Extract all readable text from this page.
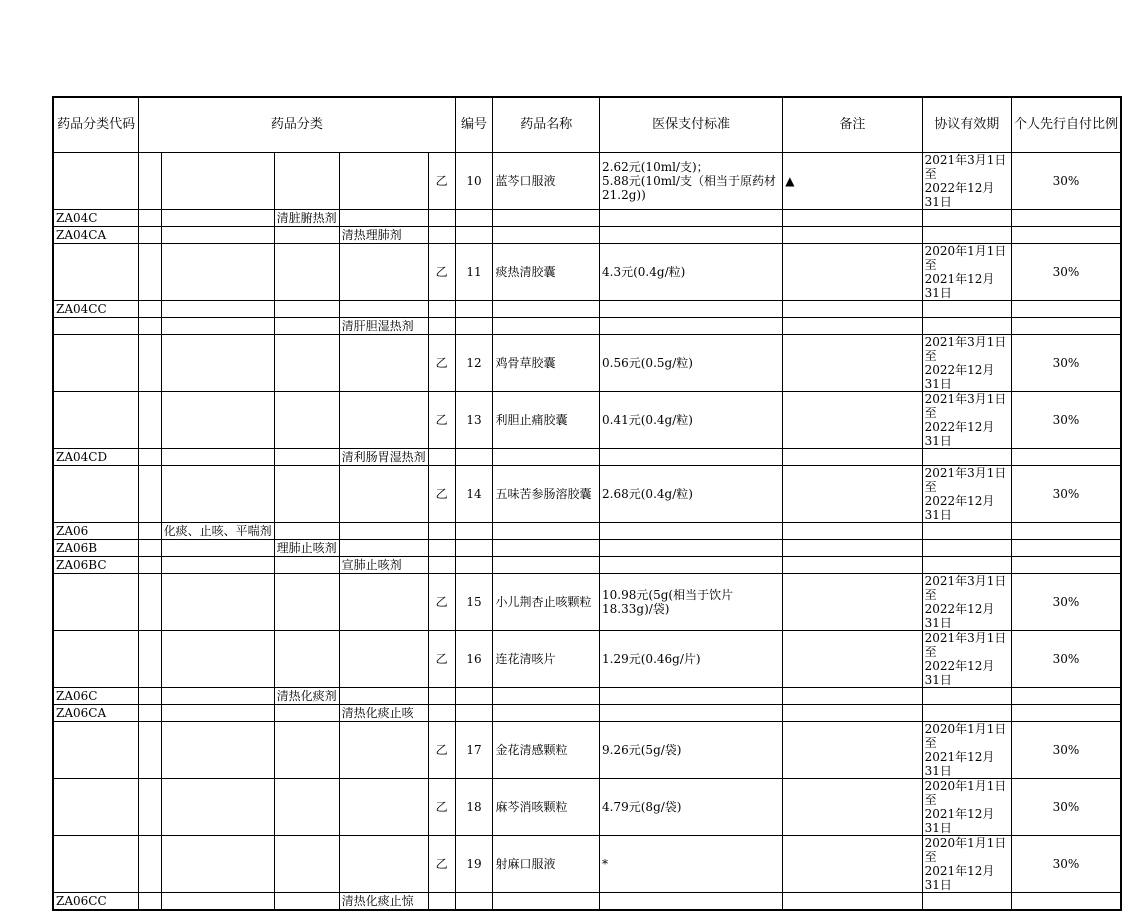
药品分类代码	药品分类					编号	药品名称	医保支付标准	备注	协议有效期	个人先行自付比例
					乙	10	蓝芩口服液	2.62元(10ml/支)；
5.88元(10ml/支（相当于原药材21.2g))	▲	2021年3月1日至
2022年12月31日	30%
ZA04C			清脏腑热剂								
ZA04CA				清热理肺剂							
					乙	11	痰热清胶囊	4.3元(0.4g/粒)		2020年1月1日至
2021年12月31日	30%
ZA04CC											
				清肝胆湿热剂							
					乙	12	鸡骨草胶囊	0.56元(0.5g/粒)		2021年3月1日至
2022年12月31日	30%
					乙	13	利胆止痛胶囊	0.41元(0.4g/粒)		2021年3月1日至
2022年12月31日	30%
ZA04CD				清利肠胃湿热剂							
					乙	14	五味苦参肠溶胶囊	2.68元(0.4g/粒)		2021年3月1日至
2022年12月31日	30%
ZA06		化痰、止咳、平喘剂									
ZA06B			理肺止咳剂								
ZA06BC				宣肺止咳剂							
					乙	15	小儿荆杏止咳颗粒	10.98元(5g(相当于饮片18.33g)/袋)		2021年3月1日至
2022年12月31日	30%
					乙	16	连花清咳片	1.29元(0.46g/片)		2021年3月1日至
2022年12月31日	30%
ZA06C			清热化痰剂								
ZA06CA				清热化痰止咳							
					乙	17	金花清感颗粒	9.26元(5g/袋)		2020年1月1日至
2021年12月31日	30%
					乙	18	麻芩消咳颗粒	4.79元(8g/袋)		2020年1月1日至
2021年12月31日	30%
					乙	19	射麻口服液	*		2020年1月1日至
2021年12月31日	30%
ZA06CC				清热化痰止惊							
